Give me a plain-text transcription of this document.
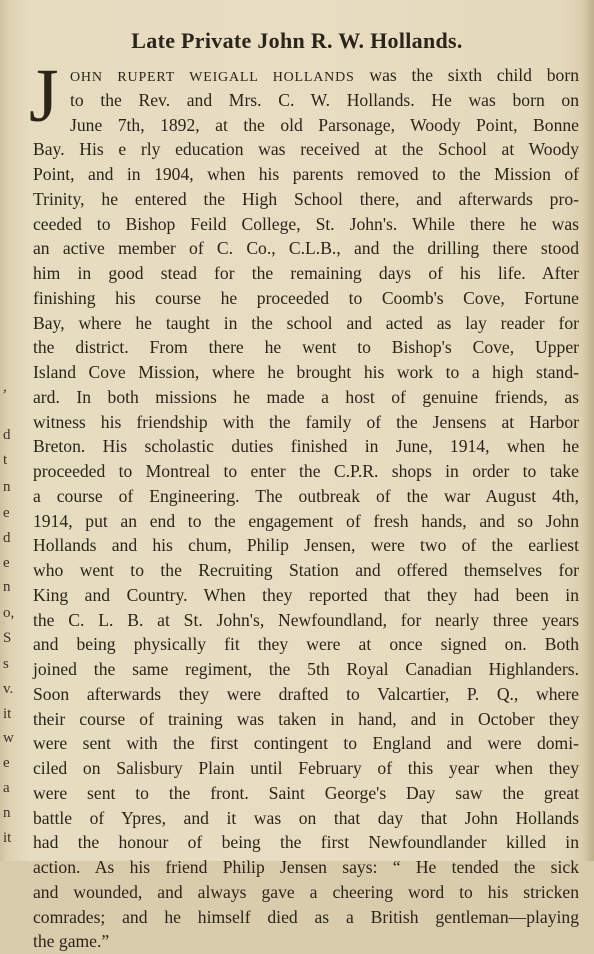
,
d
t
n
e
d
e
n
o,
S
s
v.
it
w
e
a
n
it
Late Private John R. W. Hollands.
J OHN RUPERT WEIGALL HOLLANDS was the sixth child born
to the Rev. and Mrs. C. W. Hollands. He was born on
June 7th, 1892, at the old Parsonage, Woody Point, Bonne
Bay. His e rly education was received at the School at Woody
Point, and in 1904, when his parents removed to the Mission of
Trinity, he entered the High School there, and afterwards pro-
ceeded to Bishop Feild College, St. John's. While there he was
an active member of C. Co., C.L.B., and the drilling there stood
him in good stead for the remaining days of his life. After
finishing his course he proceeded to Coomb's Cove, Fortune
Bay, where he taught in the school and acted as lay reader for
the district. From there he went to Bishop's Cove, Upper
Island Cove Mission, where he brought his work to a high stand-
ard. In both missions he made a host of genuine friends, as
witness his friendship with the family of the Jensens at Harbor
Breton. His scholastic duties finished in June, 1914, when he
proceeded to Montreal to enter the C.P.R. shops in order to take
a course of Engineering. The outbreak of the war August 4th,
1914, put an end to the engagement of fresh hands, and so John
Hollands and his chum, Philip Jensen, were two of the earliest
who went to the Recruiting Station and offered themselves for
King and Country. When they reported that they had been in
the C. L. B. at St. John's, Newfoundland, for nearly three years
and being physically fit they were at once signed on. Both
joined the same regiment, the 5th Royal Canadian Highlanders.
Soon afterwards they were drafted to Valcartier, P. Q., where
their course of training was taken in hand, and in October they
were sent with the first contingent to England and were domi-
ciled on Salisbury Plain until February of this year when they
were sent to the front. Saint George's Day saw the great
battle of Ypres, and it was on that day that John Hollands
had the honour of being the first Newfoundlander killed in
action. As his friend Philip Jensen says: “ He tended the sick
and wounded, and always gave a cheering word to his stricken
comrades; and he himself died as a British gentleman—playing
the game.”
